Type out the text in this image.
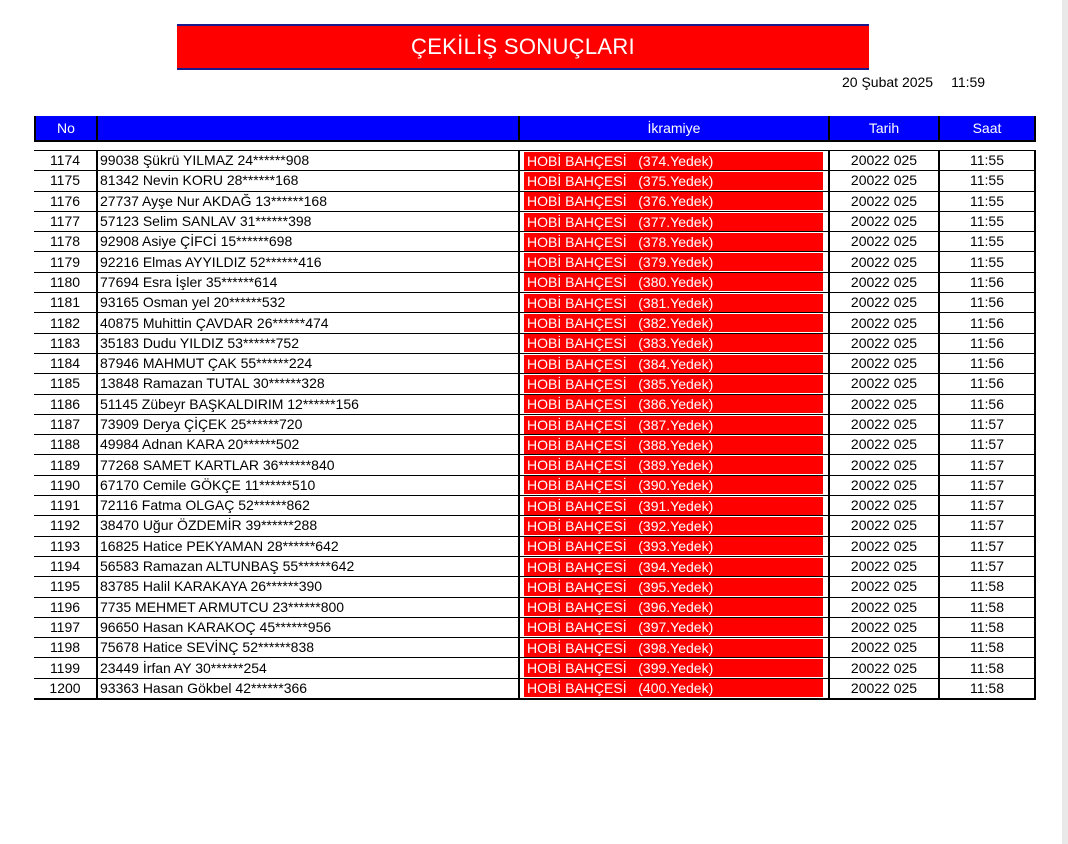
ÇEKİLİŞ SONUÇLARI
20 Şubat 2025 11:59
No		İkramiye	Tarih	Saat

1174	99038 Şükrü YILMAZ 24******908	HOBİ BAHÇESİ   (374.Yedek)	20022 025	11:55
1175	81342 Nevin KORU 28******168	HOBİ BAHÇESİ   (375.Yedek)	20022 025	11:55
1176	27737 Ayşe Nur AKDAĞ 13******168	HOBİ BAHÇESİ   (376.Yedek)	20022 025	11:55
1177	57123 Selim SANLAV 31******398	HOBİ BAHÇESİ   (377.Yedek)	20022 025	11:55
1178	92908 Asiye ÇİFCİ 15******698	HOBİ BAHÇESİ   (378.Yedek)	20022 025	11:55
1179	92216 Elmas AYYILDIZ 52******416	HOBİ BAHÇESİ   (379.Yedek)	20022 025	11:55
1180	77694 Esra İşler 35******614	HOBİ BAHÇESİ   (380.Yedek)	20022 025	11:56
1181	93165 Osman yel 20******532	HOBİ BAHÇESİ   (381.Yedek)	20022 025	11:56
1182	40875 Muhittin ÇAVDAR 26******474	HOBİ BAHÇESİ   (382.Yedek)	20022 025	11:56
1183	35183 Dudu YILDIZ 53******752	HOBİ BAHÇESİ   (383.Yedek)	20022 025	11:56
1184	87946 MAHMUT ÇAK 55******224	HOBİ BAHÇESİ   (384.Yedek)	20022 025	11:56
1185	13848 Ramazan TUTAL 30******328	HOBİ BAHÇESİ   (385.Yedek)	20022 025	11:56
1186	51145 Zübeyr BAŞKALDIRIM 12******156	HOBİ BAHÇESİ   (386.Yedek)	20022 025	11:56
1187	73909 Derya ÇİÇEK 25******720	HOBİ BAHÇESİ   (387.Yedek)	20022 025	11:57
1188	49984 Adnan KARA 20******502	HOBİ BAHÇESİ   (388.Yedek)	20022 025	11:57
1189	77268 SAMET KARTLAR 36******840	HOBİ BAHÇESİ   (389.Yedek)	20022 025	11:57
1190	67170 Cemile GÖKÇE 11******510	HOBİ BAHÇESİ   (390.Yedek)	20022 025	11:57
1191	72116 Fatma OLGAÇ 52******862	HOBİ BAHÇESİ   (391.Yedek)	20022 025	11:57
1192	38470 Uğur ÖZDEMİR 39******288	HOBİ BAHÇESİ   (392.Yedek)	20022 025	11:57
1193	16825 Hatice PEKYAMAN 28******642	HOBİ BAHÇESİ   (393.Yedek)	20022 025	11:57
1194	56583 Ramazan ALTUNBAŞ 55******642	HOBİ BAHÇESİ   (394.Yedek)	20022 025	11:57
1195	83785 Halil KARAKAYA 26******390	HOBİ BAHÇESİ   (395.Yedek)	20022 025	11:58
1196	7735 MEHMET ARMUTCU 23******800	HOBİ BAHÇESİ   (396.Yedek)	20022 025	11:58
1197	96650 Hasan KARAKOÇ 45******956	HOBİ BAHÇESİ   (397.Yedek)	20022 025	11:58
1198	75678 Hatice SEVİNÇ 52******838	HOBİ BAHÇESİ   (398.Yedek)	20022 025	11:58
1199	23449 İrfan AY 30******254	HOBİ BAHÇESİ   (399.Yedek)	20022 025	11:58
1200	93363 Hasan Gökbel 42******366	HOBİ BAHÇESİ   (400.Yedek)	20022 025	11:58
